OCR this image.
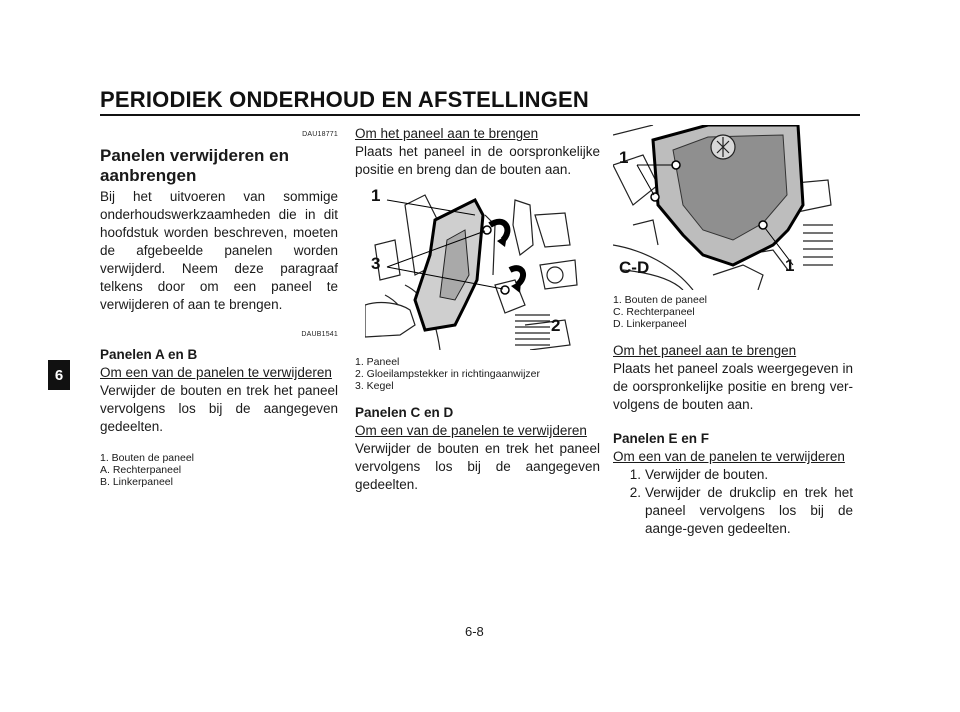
PERIODIEK ONDERHOUD EN AFSTELLINGEN
6
DAU18771
Panelen verwijderen en aanbrengen

Bij het uitvoeren van sommige onderhoudswerkzaamheden die in dit hoofdstuk worden beschreven, moeten de afgebeelde panelen worden verwijderd. Neem deze paragraaf telkens door om een paneel te verwijderen of aan te brengen.

DAUB1541
Panelen A en B
Om een van de panelen te verwijderen

Verwijder de bouten en trek het paneel vervolgens los bij de aangegeven gedeelten.

1. Bouten de paneel

A. Rechterpaneel

B. Linkerpaneel

Om het paneel aan te brengen

Plaats het paneel in de oorspronkelijke positie en breng dan de bouten aan.

1
3
2

1. Paneel

2. Gloeilampstekker in richtingaanwijzer

3. Kegel

Panelen C en D
Om een van de panelen te verwijderen

Verwijder de bouten en trek het paneel vervolgens los bij de aangegeven gedeelten.

1
1
C-D

1. Bouten de paneel

C. Rechterpaneel

D. Linkerpaneel

Om het paneel aan te brengen

Plaats het paneel zoals weergegeven in de oorspronkelijke positie en breng ver-volgens de bouten aan.

Panelen E en F
Om een van de panelen te verwijderen
1. Verwijder de bouten.
2. Verwijder de drukclip en trek het paneel vervolgens los bij de aange-geven gedeelten.
6-8
